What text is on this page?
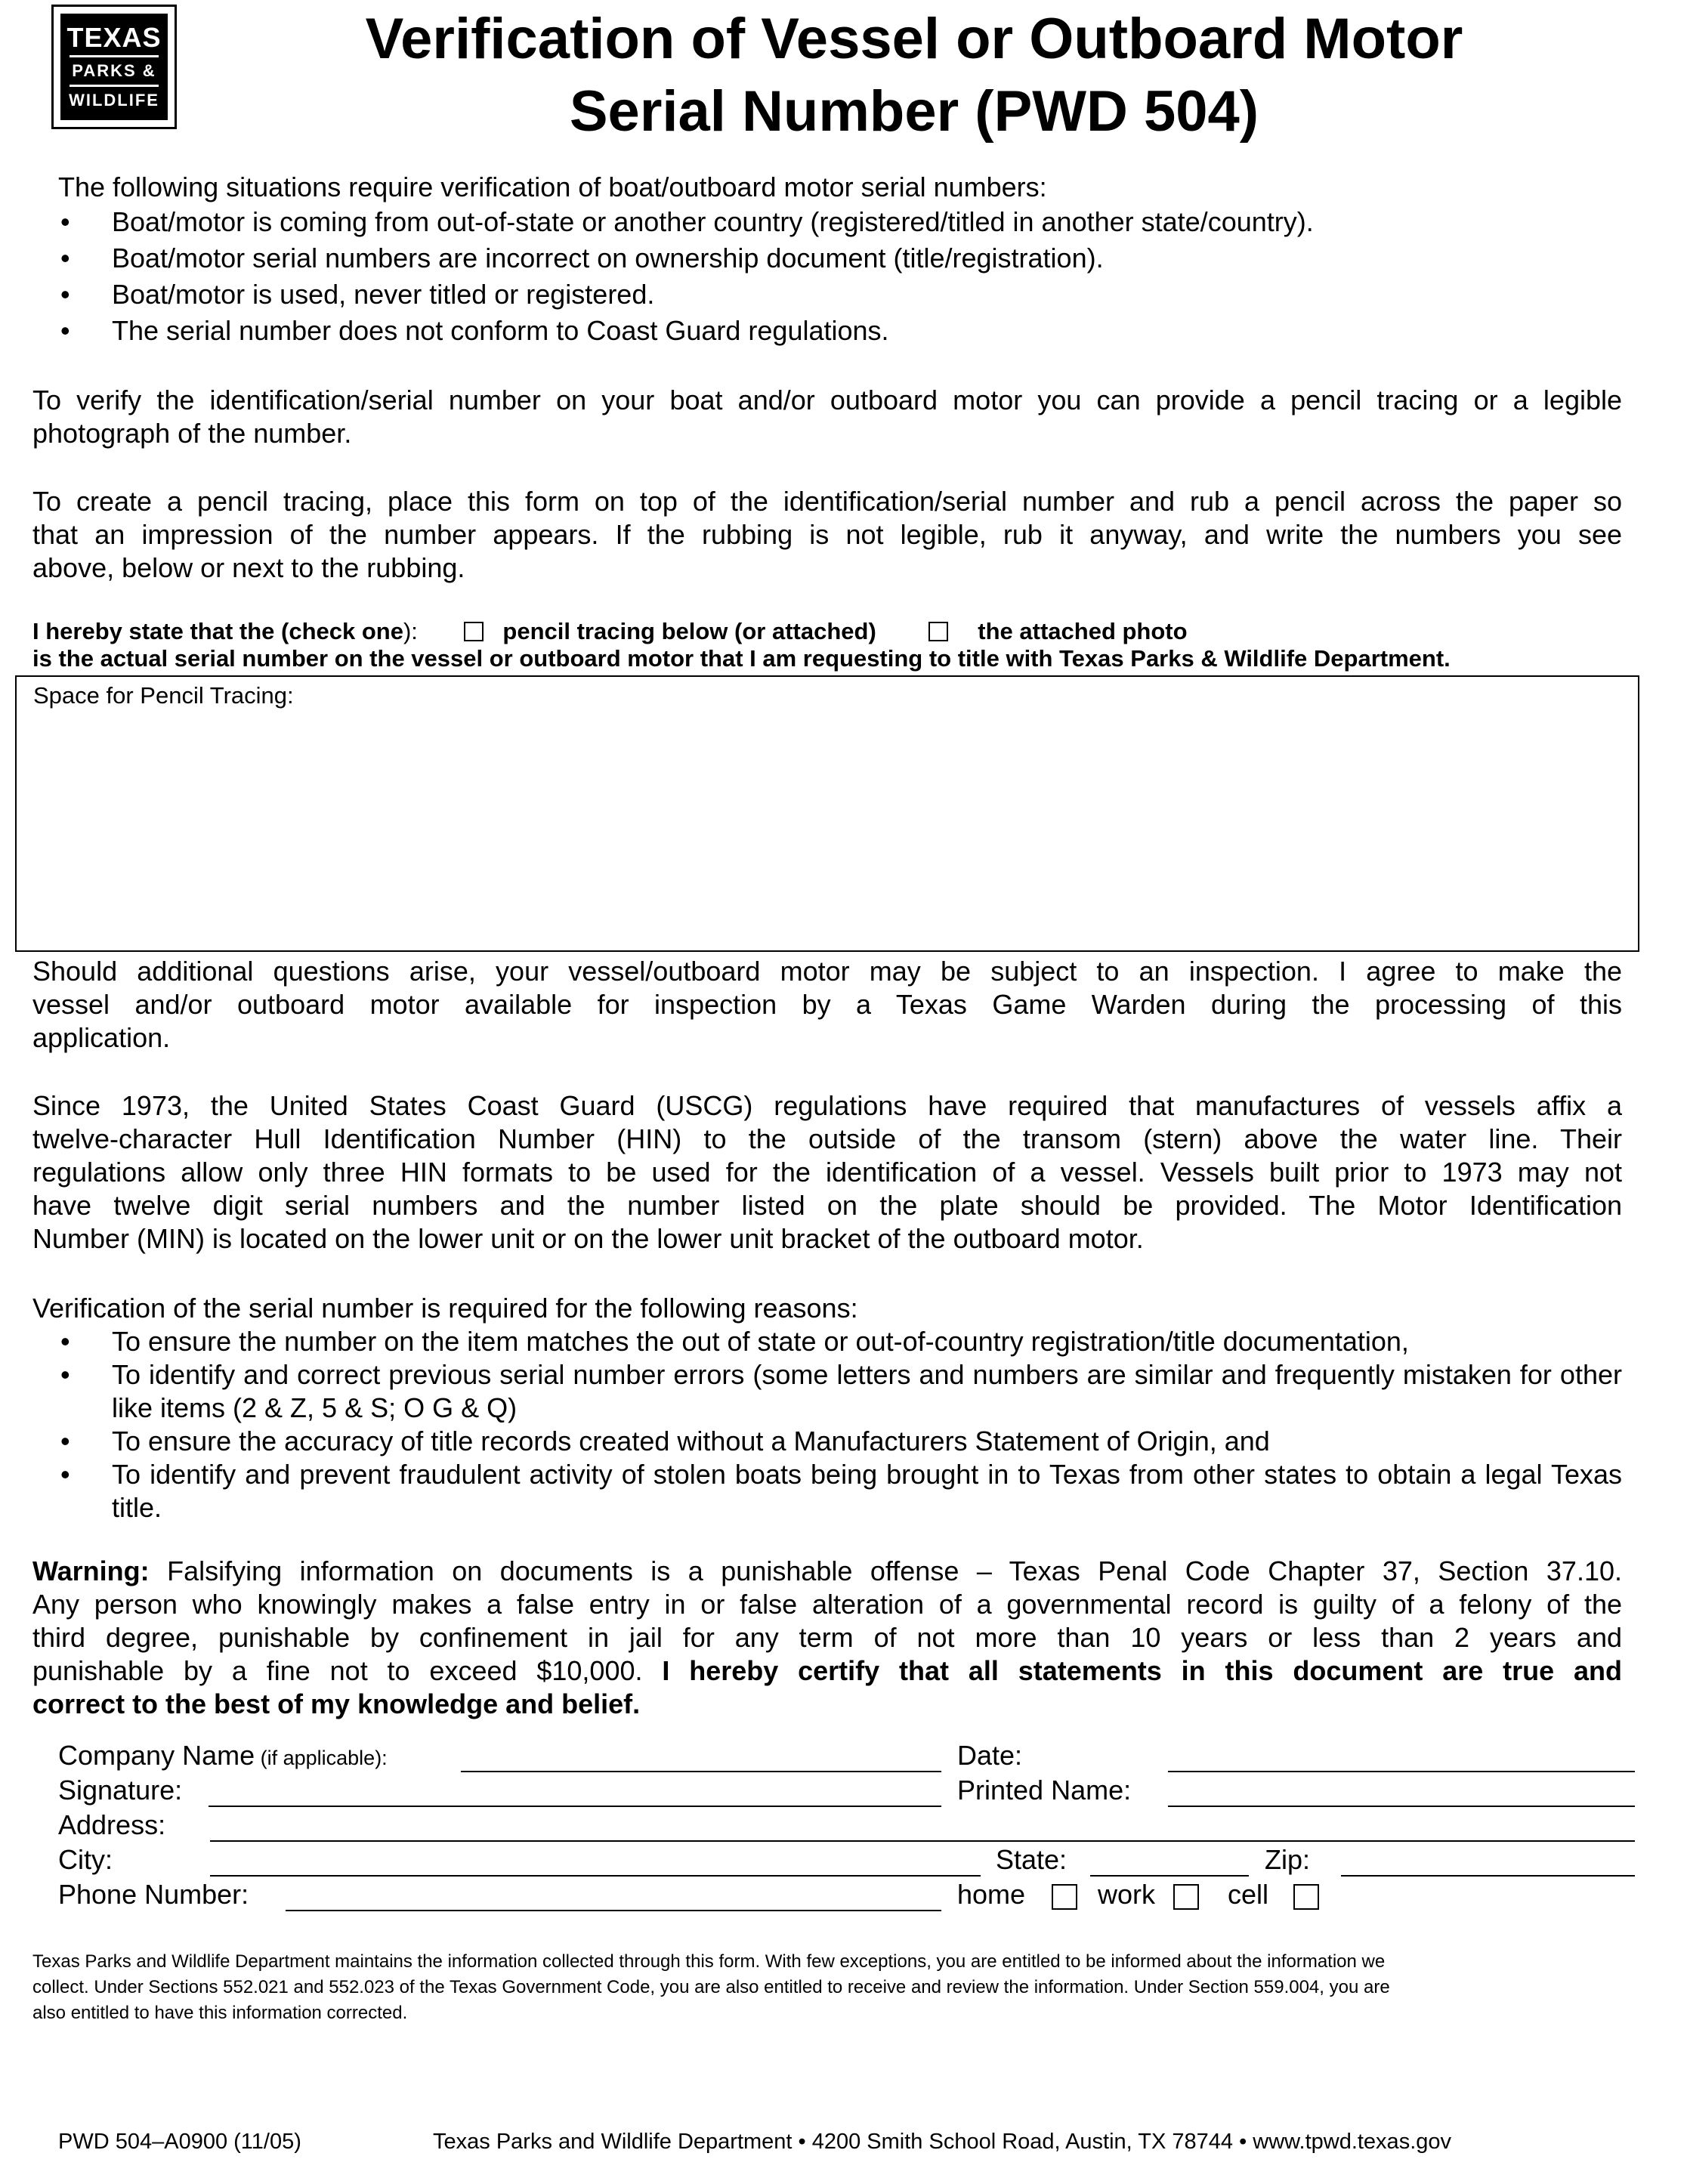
TEXAS
PARKS &
WILDLIFE
Verification of Vessel or Outboard Motor
Serial Number (PWD 504)
The following situations require verification of boat/outboard motor serial numbers:
• Boat/motor is coming from out-of-state or another country (registered/titled in another state/country).
• Boat/motor serial numbers are incorrect on ownership document (title/registration).
• Boat/motor is used, never titled or registered.
• The serial number does not conform to Coast Guard regulations.
To verify the identification/serial number on your boat and/or outboard motor you can provide a pencil tracing or a legible
photograph of the number.
To create a pencil tracing, place this form on top of the identification/serial number and rub a pencil across the paper so
that an impression of the number appears. If the rubbing is not legible, rub it anyway, and write the numbers you see
above, below or next to the rubbing.
I hereby state that the (check one):	pencil tracing below (or attached)	the attached photo
is the actual serial number on the vessel or outboard motor that I am requesting to title with Texas Parks & Wildlife Department.
Space for Pencil Tracing:
Should additional questions arise, your vessel/outboard motor may be subject to an inspection. I agree to make the
vessel and/or outboard motor available for inspection by a Texas Game Warden during the processing of this
application.
Since 1973, the United States Coast Guard (USCG) regulations have required that manufactures of vessels affix a
twelve-character Hull Identification Number (HIN) to the outside of the transom (stern) above the water line. Their
regulations allow only three HIN formats to be used for the identification of a vessel. Vessels built prior to 1973 may not
have twelve digit serial numbers and the number listed on the plate should be provided. The Motor Identification
Number (MIN) is located on the lower unit or on the lower unit bracket of the outboard motor.
Verification of the serial number is required for the following reasons:
• To ensure the number on the item matches the out of state or out-of-country registration/title documentation,
• To identify and correct previous serial number errors (some letters and numbers are similar and frequently mistaken for other like items (2 & Z, 5 & S; O G & Q)
• To ensure the accuracy of title records created without a Manufacturers Statement of Origin, and
• To identify and prevent fraudulent activity of stolen boats being brought in to Texas from other states to obtain a legal Texas title.
Warning: Falsifying information on documents is a punishable offense – Texas Penal Code Chapter 37, Section 37.10.
Any person who knowingly makes a false entry in or false alteration of a governmental record is guilty of a felony of the
third degree, punishable by confinement in jail for any term of not more than 10 years or less than 2 years and
punishable by a fine not to exceed $10,000. I hereby certify that all statements in this document are true and
correct to the best of my knowledge and belief.
Company Name (if applicable):	Date:
Signature:	Printed Name:
Address:
City:	State:	Zip:
Phone Number:	home	work	cell
Texas Parks and Wildlife Department maintains the information collected through this form. With few exceptions, you are entitled to be informed about the information we
collect. Under Sections 552.021 and 552.023 of the Texas Government Code, you are also entitled to receive and review the information. Under Section 559.004, you are
also entitled to have this information corrected.
PWD 504–A0900 (11/05)	Texas Parks and Wildlife Department • 4200 Smith School Road, Austin, TX 78744 • www.tpwd.texas.gov
